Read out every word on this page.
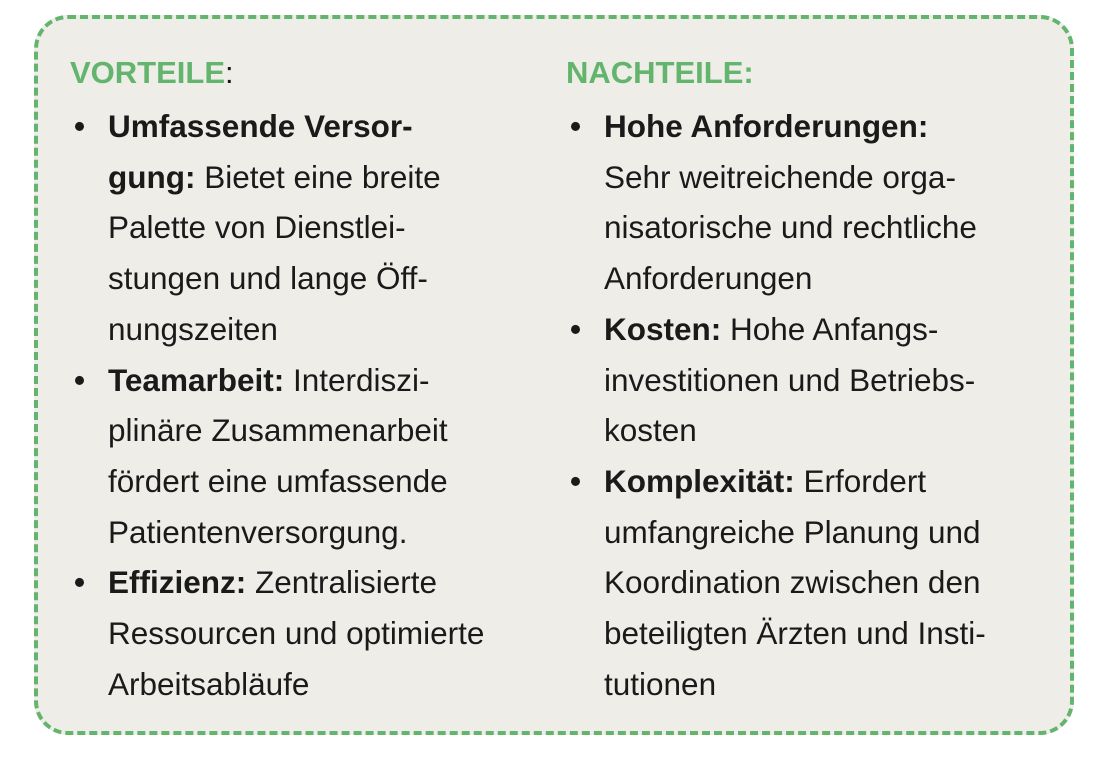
VORTEILE:
• Umfassende Versor-
gung: Bietet eine breite
Palette von Dienstlei-
stungen und lange Öff-
nungszeiten
• Teamarbeit: Interdiszi-
plinäre Zusammenarbeit
fördert eine umfassende
Patientenversorgung.
• Effizienz: Zentralisierte
Ressourcen und optimierte
Arbeitsabläufe
NACHTEILE:
• Hohe Anforderungen:
Sehr weitreichende orga-
nisatorische und rechtliche
Anforderungen
• Kosten: Hohe Anfangs-
investitionen und Betriebs-
kosten
• Komplexität: Erfordert
umfangreiche Planung und
Koordination zwischen den
beteiligten Ärzten und Insti-
tutionen
